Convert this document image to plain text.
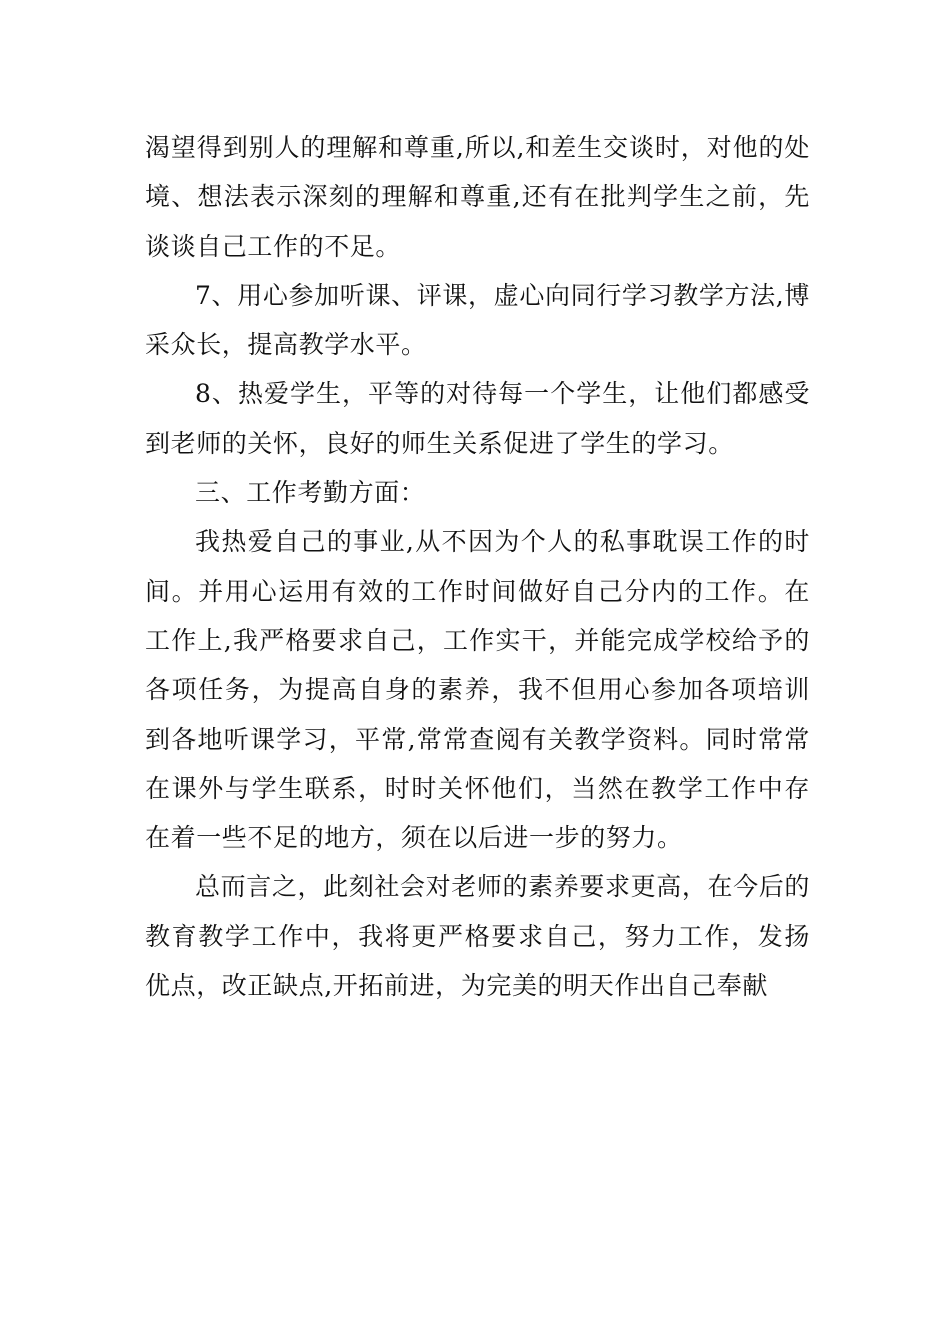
渴望得到别人的理解和尊重,所以,和差生交谈时，对他的处境、想法表示深刻的理解和尊重,还有在批判学生之前，先谈谈自己工作的不足。

7、用心参加听课、评课，虚心向同行学习教学方法,博采众长，提高教学水平。

8、热爱学生，平等的对待每一个学生，让他们都感受到老师的关怀，良好的师生关系促进了学生的学习。

三、工作考勤方面：

我热爱自己的事业,从不因为个人的私事耽误工作的时间。并用心运用有效的工作时间做好自己分内的工作。在工作上,我严格要求自己，工作实干，并能完成学校给予的各项任务，为提高自身的素养，我不但用心参加各项培训到各地听课学习，平常,常常查阅有关教学资料。同时常常在课外与学生联系，时时关怀他们，当然在教学工作中存在着一些不足的地方，须在以后进一步的努力。

总而言之，此刻社会对老师的素养要求更高，在今后的教育教学工作中，我将更严格要求自己，努力工作，发扬优点，改正缺点,开拓前进，为完美的明天作出自己奉献
